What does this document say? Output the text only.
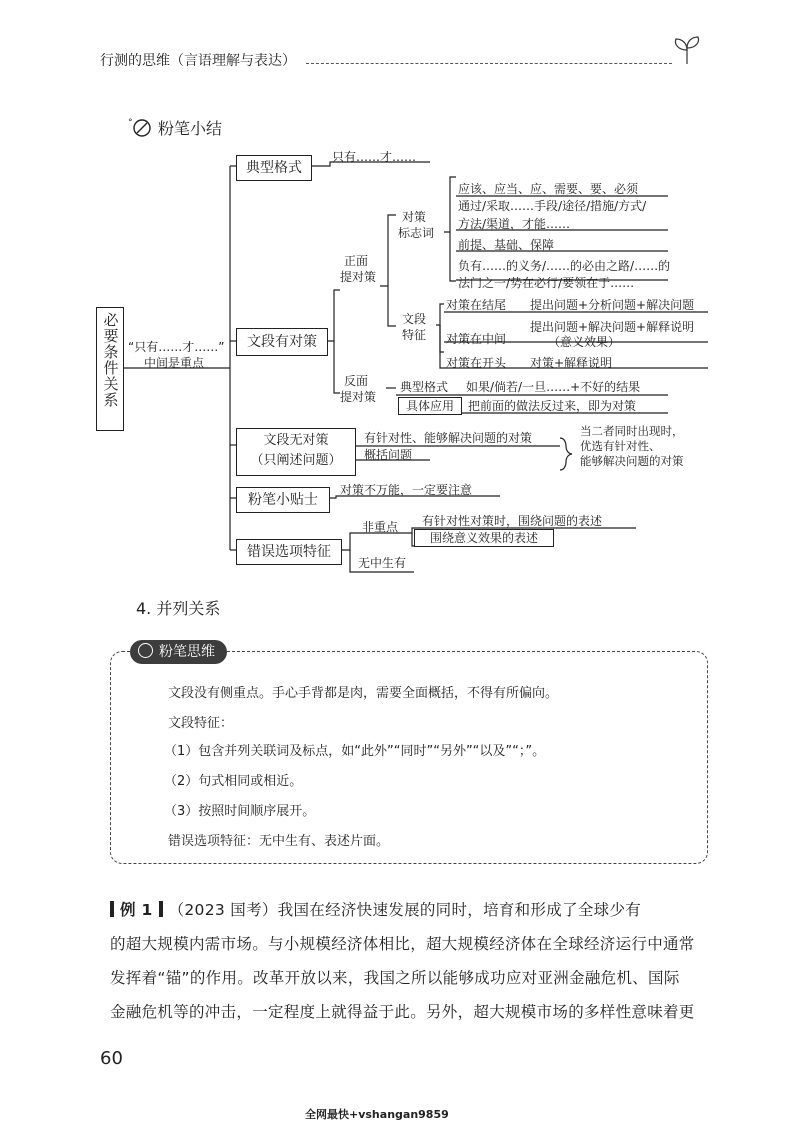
行测的思维（言语理解与表达）
° 粉笔小结
必要条件关系 “只有……才……”
中间是重点
典型格式
只有……才……
文段有对策
正面
提对策
对策
标志词
应该、应当、应、需要、要、必须
通过/采取……手段/途径/措施/方式/
方法/渠道，才能……
前提、基础、保障
负有……的义务/……的必由之路/……的
法门之一/势在必行/要领在于……
文段
特征
对策在结尾 提出问题+分析问题+解决问题
对策在中间
提出问题+解决问题+解释说明
（意义效果）
对策在开头 对策+解释说明
反面
提对策
典型格式 如果/倘若/一旦……+不好的结果
具体应用	把前面的做法反过来，即为对策
文段无对策
（只阐述问题）
有针对性、能够解决问题的对策
概括问题
当二者同时出现时，
优选有针对性、
能够解决问题的对策
粉笔小贴士
对策不万能，一定要注意
错误选项特征
非重点 有针对性对策时，围绕问题的表述
围绕意义效果的表述
无中生有
4. 并列关系
粉笔思维
文段没有侧重点。手心手背都是肉，需要全面概括，不得有所偏向。
文段特征：
（1）包含并列关联词及标点，如“此外”“同时”“另外”“以及”“；”。
（2）句式相同或相近。
（3）按照时间顺序展开。
错误选项特征：无中生有、表述片面。
例 1 （2023 国考）我国在经济快速发展的同时，培育和形成了全球少有
的超大规模内需市场。与小规模经济体相比，超大规模经济体在全球经济运行中通常
发挥着“锚”的作用。改革开放以来，我国之所以能够成功应对亚洲金融危机、国际
金融危机等的冲击，一定程度上就得益于此。另外，超大规模市场的多样性意味着更
60
全网最快+vshangan9859
